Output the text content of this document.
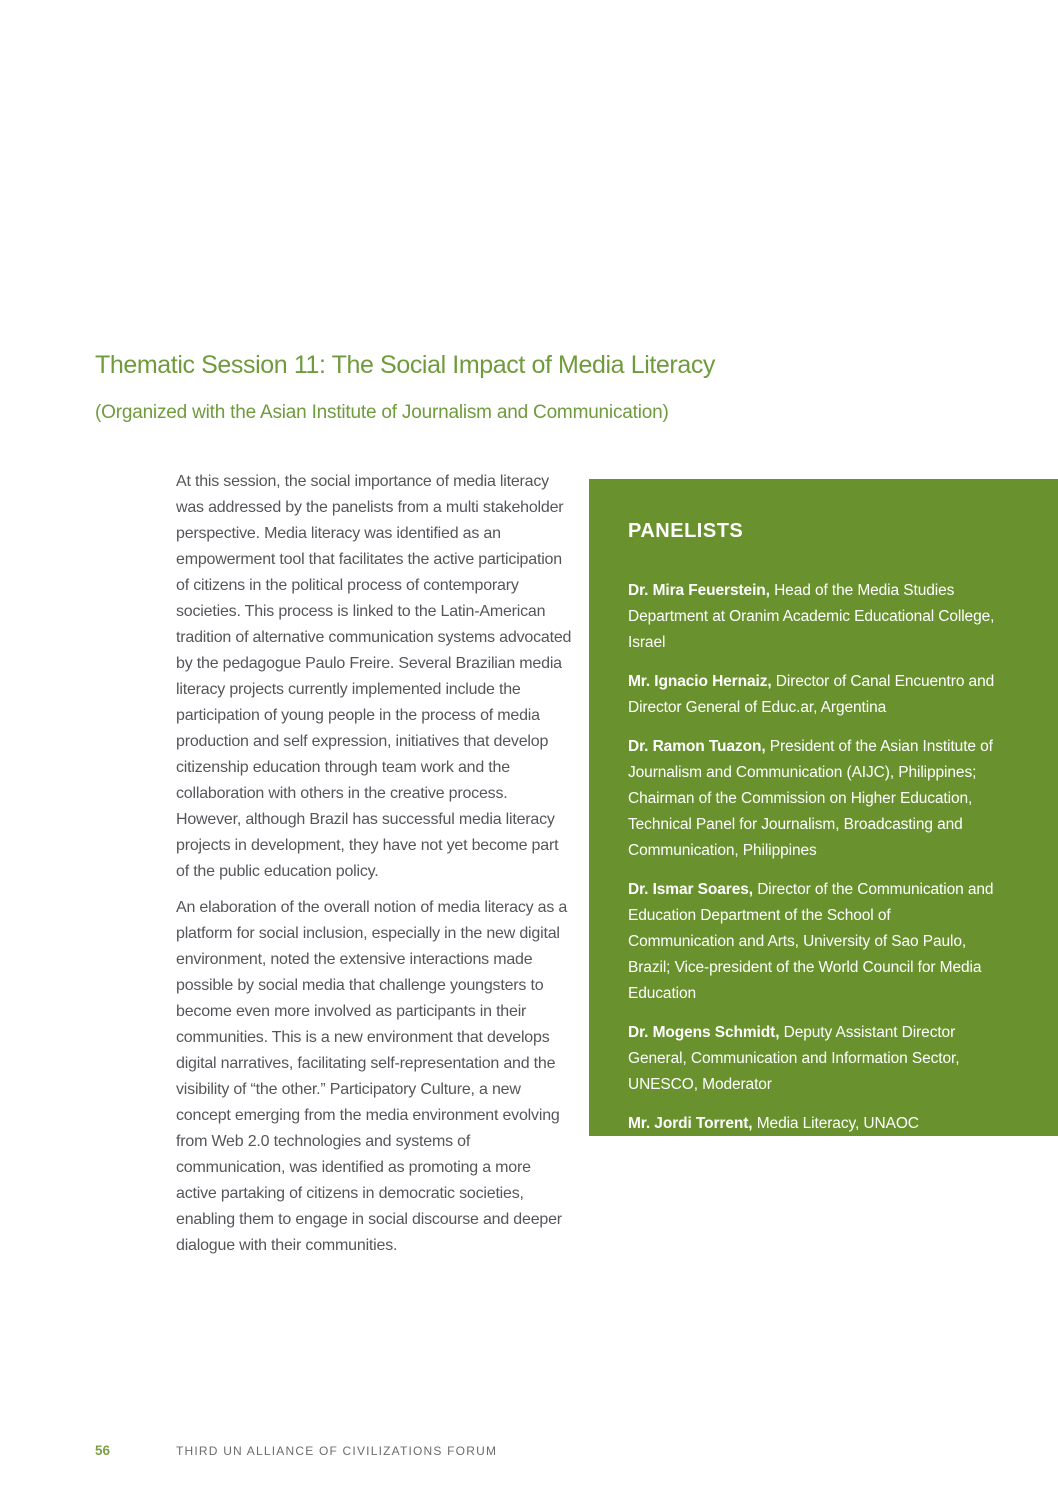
Thematic Session 11: The Social Impact of Media Literacy
(Organized with the Asian Institute of Journalism and Communication)

At this session, the social importance of media literacy was addressed by the panelists from a multi stakeholder perspective. Media literacy was identified as an empowerment tool that facilitates the active participation of citizens in the political process of contemporary societies. This process is linked to the Latin-American tradition of alternative communication systems advocated by the pedagogue Paulo Freire. Several Brazilian media literacy projects currently implemented include the participation of young people in the process of media production and self expression, initiatives that develop citizenship education through team work and the collaboration with others in the creative process. However, although Brazil has successful media literacy projects in development, they have not yet become part of the public education policy.

An elaboration of the overall notion of media literacy as a platform for social inclusion, especially in the new digital environment, noted the extensive interactions made possible by social media that challenge youngsters to become even more involved as participants in their communities. This is a new environment that develops digital narratives, facilitating self-representation and the visibility of “the other.” Participatory Culture, a new concept emerging from the media environment evolving from Web 2.0 technologies and systems of communication, was identified as promoting a more active partaking of citizens in democratic societies, enabling them to engage in social discourse and deeper dialogue with their communities.

PANELISTS

Dr. Mira Feuerstein, Head of the Media Studies Department at Oranim Academic Educational College, Israel

Mr. Ignacio Hernaiz, Director of Canal Encuentro and Director General of Educ.ar, Argentina

Dr. Ramon Tuazon, President of the Asian Institute of Journalism and Communication (AIJC), Philippines; Chairman of the Commission on Higher Education, Technical Panel for Journalism, Broadcasting and Communication, Philippines

Dr. Ismar Soares, Director of the Communication and Education Department of the School of Communication and Arts, University of Sao Paulo, Brazil; Vice-president of the World Council for Media Education

Dr. Mogens Schmidt, Deputy Assistant Director General, Communication and Information Sector, UNESCO, Moderator

Mr. Jordi Torrent, Media Literacy, UNAOC Secretariat, Rapporteur

56	THIRD UN ALLIANCE OF CIVILIZATIONS FORUM
